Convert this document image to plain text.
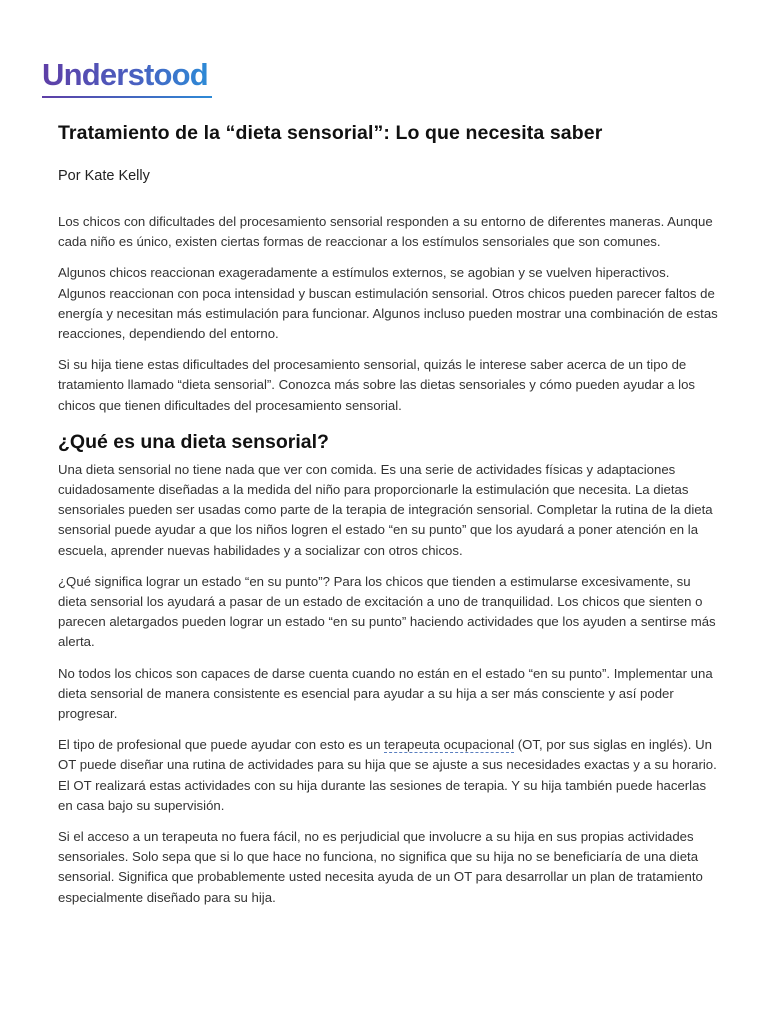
Understood
Tratamiento de la “dieta sensorial”: Lo que necesita saber
Por Kate Kelly

Los chicos con dificultades del procesamiento sensorial responden a su entorno de diferentes maneras. Aunque cada niño es único, existen ciertas formas de reaccionar a los estímulos sensoriales que son comunes.

Algunos chicos reaccionan exageradamente a estímulos externos, se agobian y se vuelven hiperactivos. Algunos reaccionan con poca intensidad y buscan estimulación sensorial. Otros chicos pueden parecer faltos de energía y necesitan más estimulación para funcionar. Algunos incluso pueden mostrar una combinación de estas reacciones, dependiendo del entorno.

Si su hija tiene estas dificultades del procesamiento sensorial, quizás le interese saber acerca de un tipo de tratamiento llamado “dieta sensorial”. Conozca más sobre las dietas sensoriales y cómo pueden ayudar a los chicos que tienen dificultades del procesamiento sensorial.

¿Qué es una dieta sensorial?

Una dieta sensorial no tiene nada que ver con comida. Es una serie de actividades físicas y adaptaciones cuidadosamente diseñadas a la medida del niño para proporcionarle la estimulación que necesita. La dietas sensoriales pueden ser usadas como parte de la terapia de integración sensorial. Completar la rutina de la dieta sensorial puede ayudar a que los niños logren el estado “en su punto” que los ayudará a poner atención en la escuela, aprender nuevas habilidades y a socializar con otros chicos.

¿Qué significa lograr un estado “en su punto”? Para los chicos que tienden a estimularse excesivamente, su dieta sensorial los ayudará a pasar de un estado de excitación a uno de tranquilidad. Los chicos que sienten o parecen aletargados pueden lograr un estado “en su punto” haciendo actividades que los ayuden a sentirse más alerta.

No todos los chicos son capaces de darse cuenta cuando no están en el estado “en su punto”. Implementar una dieta sensorial de manera consistente es esencial para ayudar a su hija a ser más consciente y así poder progresar.

El tipo de profesional que puede ayudar con esto es un terapeuta ocupacional (OT, por sus siglas en inglés). Un OT puede diseñar una rutina de actividades para su hija que se ajuste a sus necesidades exactas y a su horario. El OT realizará estas actividades con su hija durante las sesiones de terapia. Y su hija también puede hacerlas en casa bajo su supervisión.

Si el acceso a un terapeuta no fuera fácil, no es perjudicial que involucre a su hija en sus propias actividades sensoriales. Solo sepa que si lo que hace no funciona, no significa que su hija no se beneficiaría de una dieta sensorial. Significa que probablemente usted necesita ayuda de un OT para desarrollar un plan de tratamiento especialmente diseñado para su hija.
